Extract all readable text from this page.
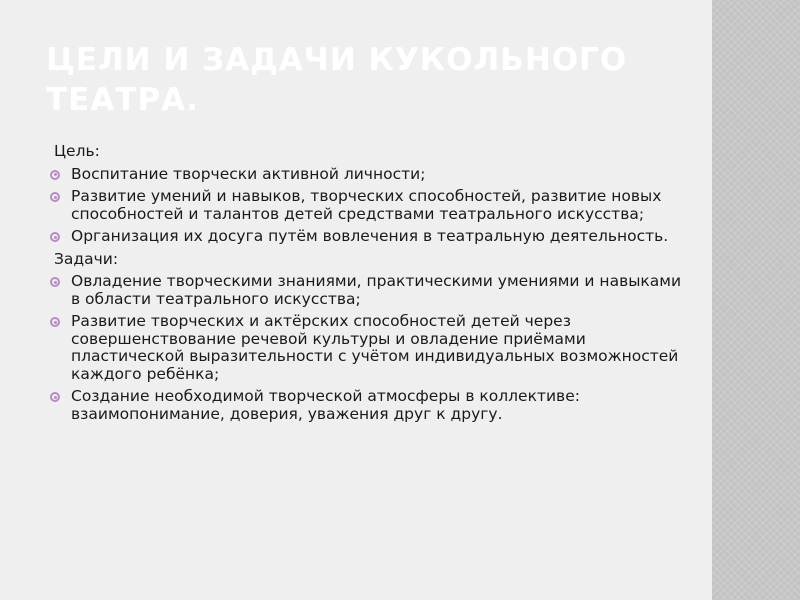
ЦЕЛИ И ЗАДАЧИ КУКОЛЬНОГО ТЕАТРА.
Цель:
Воспитание творчески активной личности;
Развитие умений и навыков, творческих способностей, развитие новых способностей и талантов детей средствами театрального искусства;
Организация их досуга путём вовлечения в театральную деятельность.
Задачи:
Овладение творческими знаниями, практическими умениями и навыками в области театрального искусства;
Развитие творческих и актёрских способностей детей через совершенствование речевой культуры и овладение приёмами пластической выразительности с учётом индивидуальных возможностей каждого ребёнка;
Создание необходимой творческой атмосферы в коллективе: взаимопонимание, доверия, уважения друг к другу.
